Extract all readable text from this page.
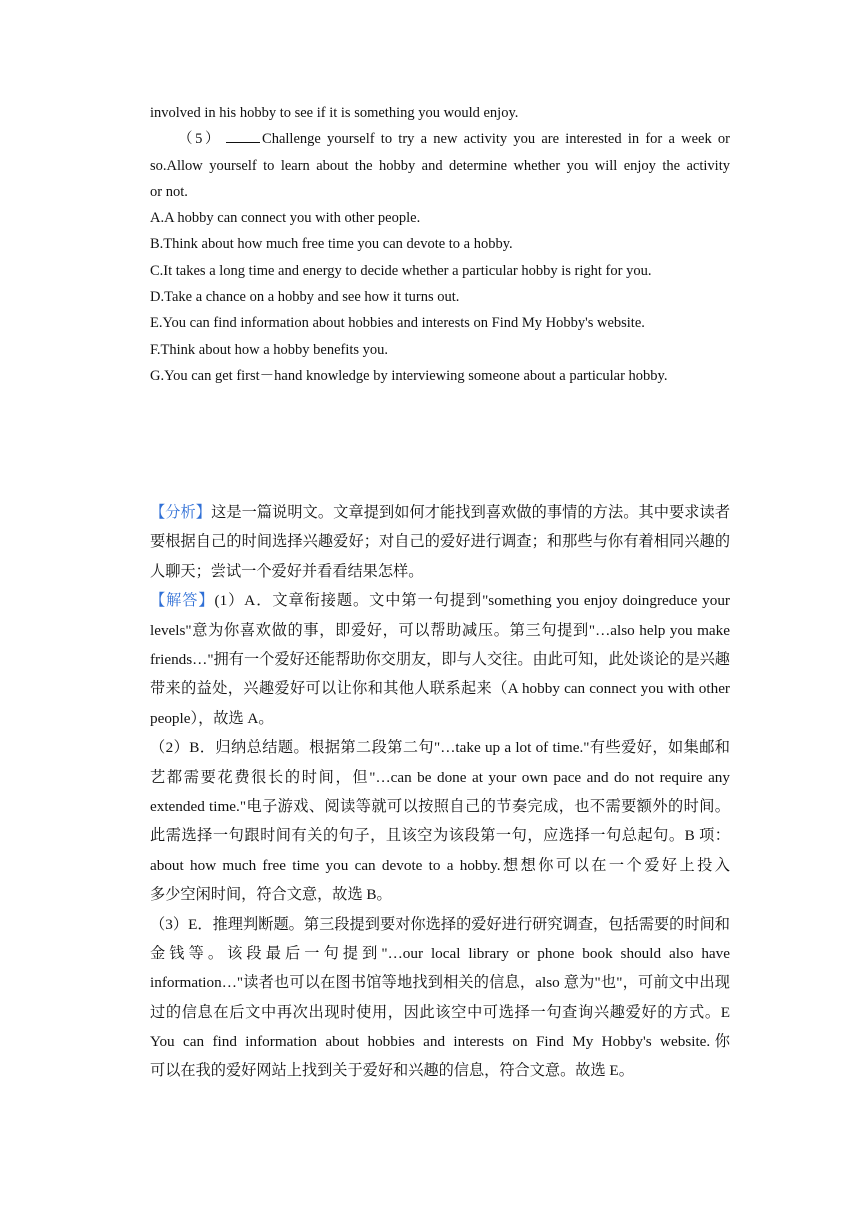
involved in his hobby to see if it is something you would enjoy.
（5）	Challenge yourself to try a new activity you are interested in for a week or
so.Allow yourself to learn about the hobby and determine whether you will enjoy the activity
or not.
A.A hobby can connect you with other people.
B.Think about how much free time you can devote to a hobby.
C.It takes a long time and energy to decide whether a particular hobby is right for you.
D.Take a chance on a hobby and see how it turns out.
E.You can find information about hobbies and interests on Find My Hobby's website.
F.Think about how a hobby benefits you.
G.You can get first－hand knowledge by interviewing someone about a particular hobby.
【分析】这是一篇说明文。文章提到如何才能找到喜欢做的事情的方法。其中要求读者
要根据自己的时间选择兴趣爱好；对自己的爱好进行调查；和那些与你有着相同兴趣的
人聊天；尝试一个爱好并看看结果怎样。
【解答】(1）A．文章衔接题。文中第一句提到"something you enjoy doingreduce your
levels"意为你喜欢做的事，即爱好，可以帮助减压。第三句提到"…also help you make
friends…"拥有一个爱好还能帮助你交朋友，即与人交往。由此可知，此处谈论的是兴趣
带来的益处，兴趣爱好可以让你和其他人联系起来（A hobby can connect you with other
people），故选 A。
（2）B．归纳总结题。根据第二段第二句"…take up a lot of time."有些爱好，如集邮和
艺都需要花费很长的时间，但"…can be done at your own pace and do not require any
extended time."电子游戏、阅读等就可以按照自己的节奏完成，也不需要额外的时间。
此需选择一句跟时间有关的句子，且该空为该段第一句，应选择一句总起句。B 项：
about how much free time you can devote to a hobby.想想你可以在一个爱好上投入
多少空闲时间，符合文意，故选 B。
（3）E．推理判断题。第三段提到要对你选择的爱好进行研究调查，包括需要的时间和
金钱等。该段最后一句提到"…our local library or phone book should also have
information…"读者也可以在图书馆等地找到相关的信息，also 意为"也"，可前文中出现
过的信息在后文中再次出现时使用，因此该空中可选择一句查询兴趣爱好的方式。E
You can find information about hobbies and interests on Find My Hobby's website.你
可以在我的爱好网站上找到关于爱好和兴趣的信息，符合文意。故选 E。
